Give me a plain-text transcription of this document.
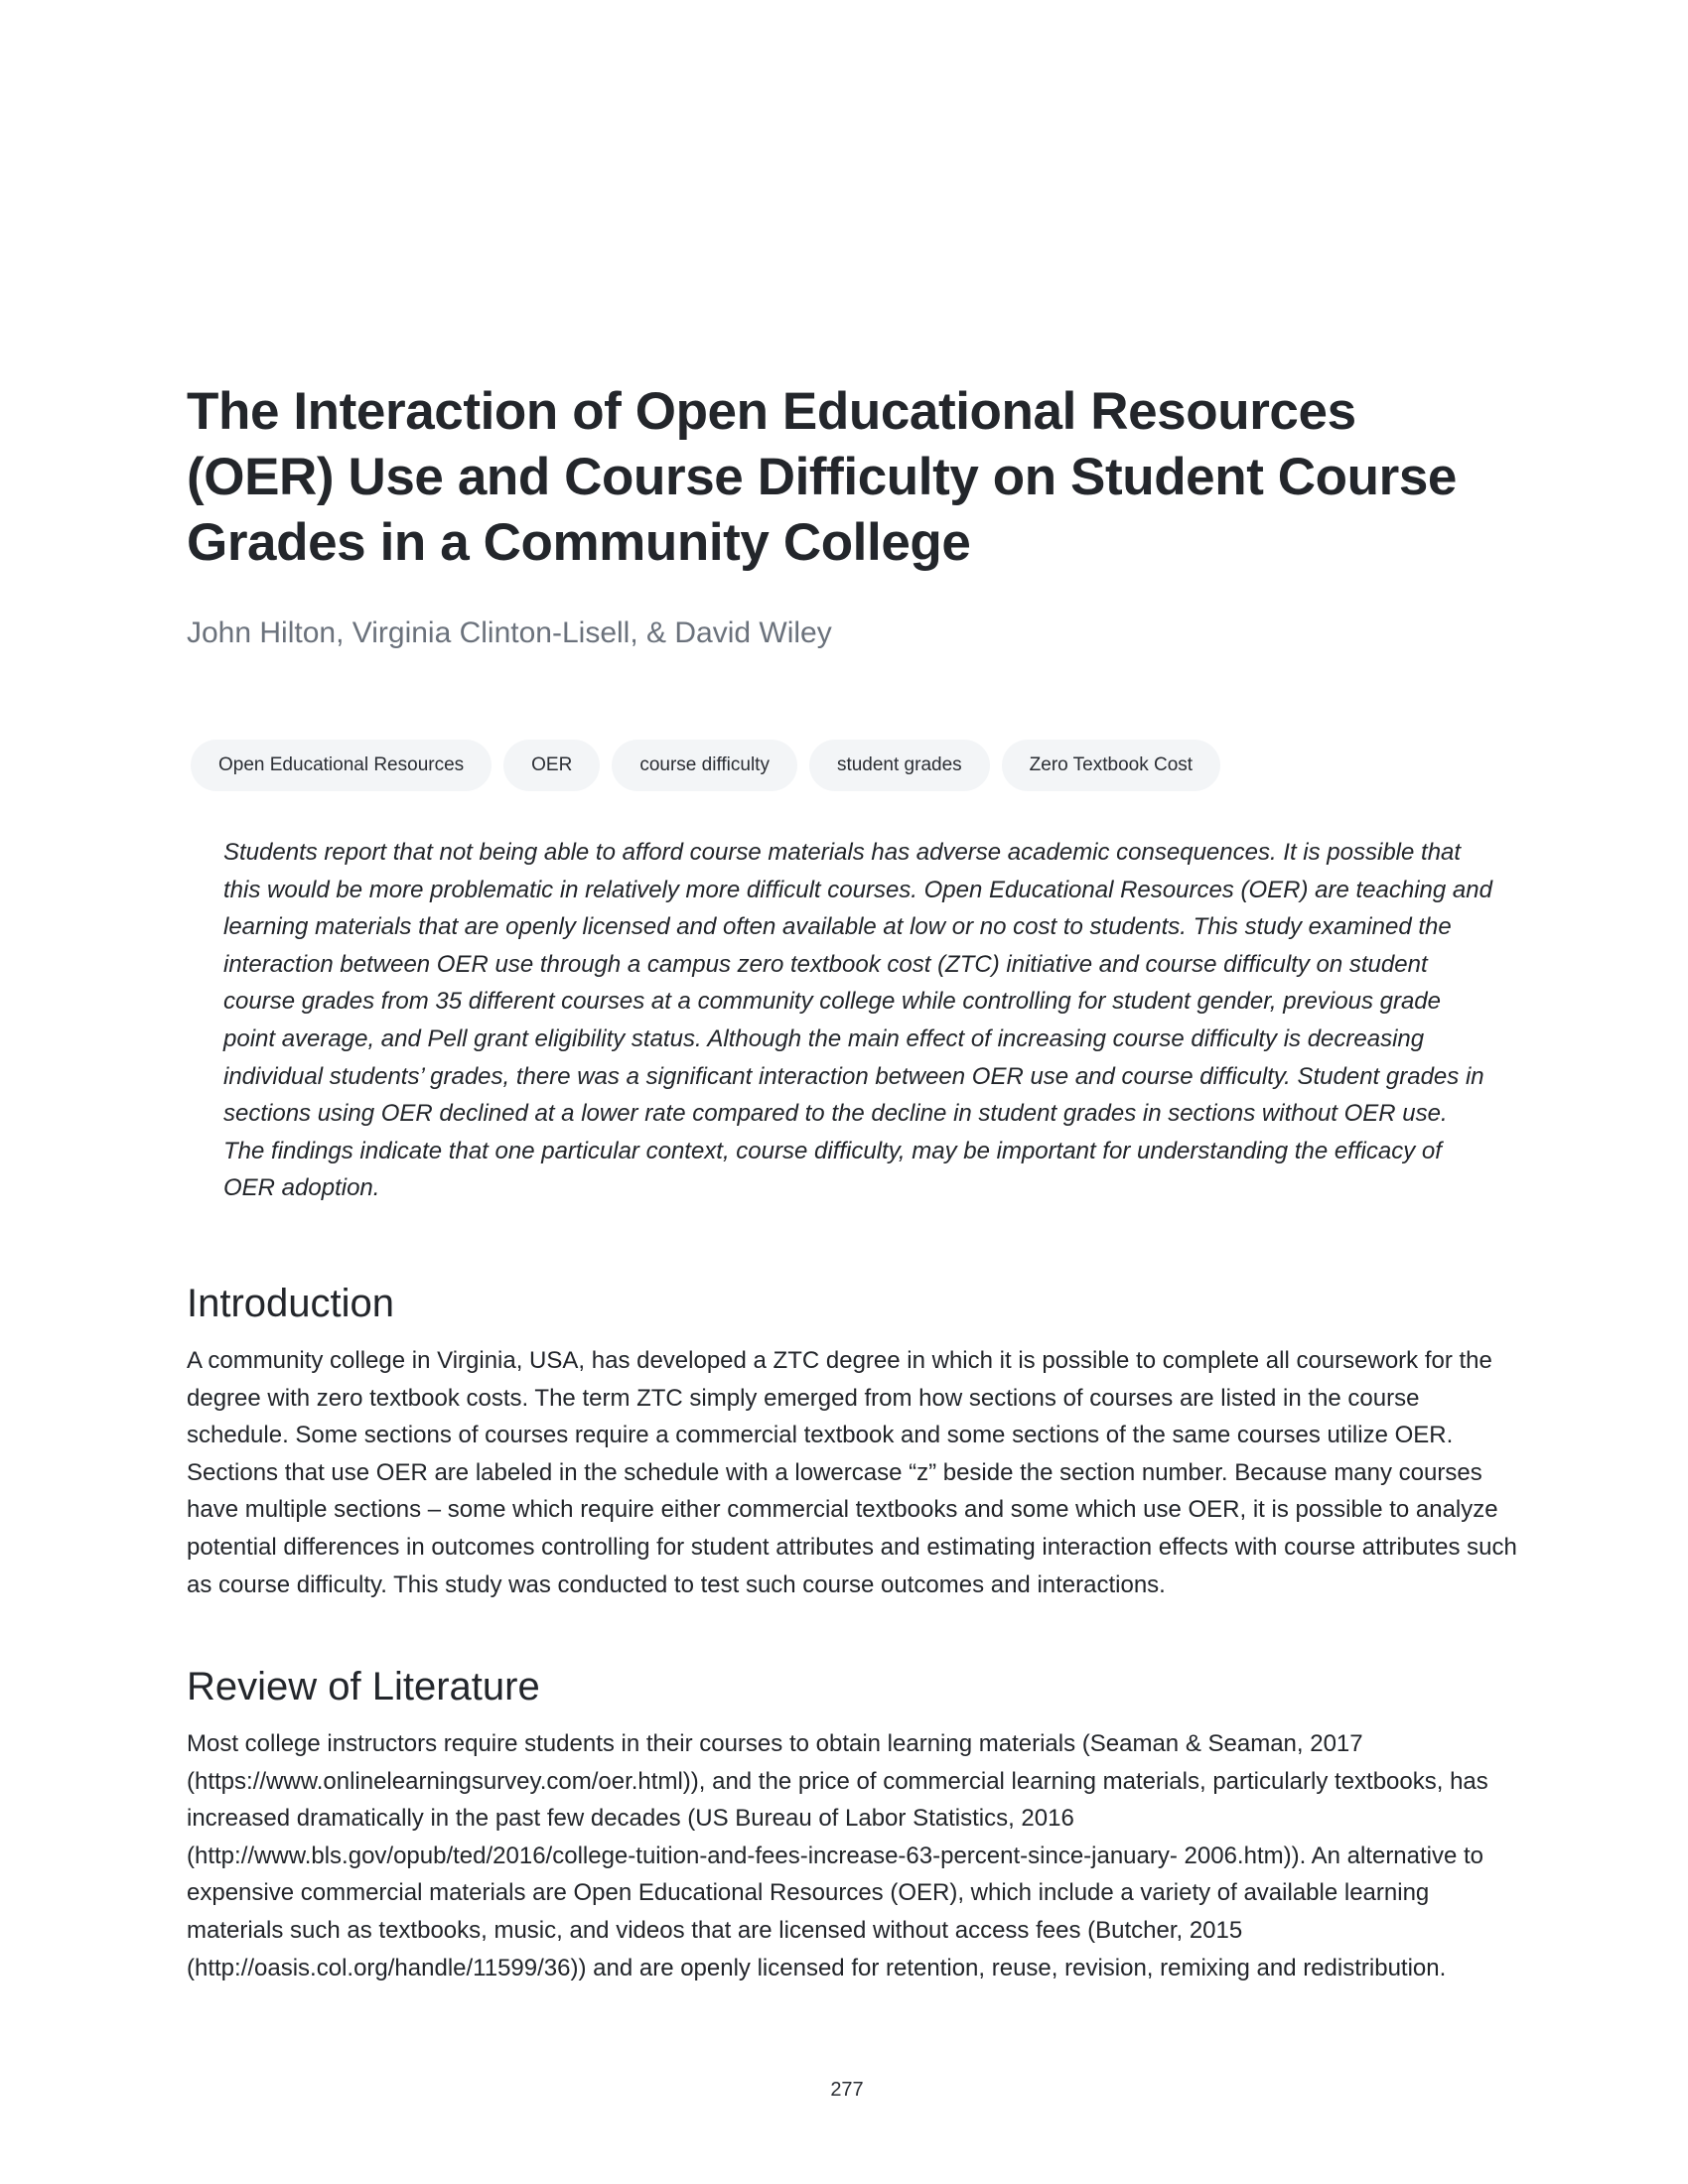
The Interaction of Open Educational Resources (OER) Use and Course Difficulty on Student Course Grades in a Community College

John Hilton, Virginia Clinton-Lisell, & David Wiley

Open Educational Resources	OER	course difficulty	student grades	Zero Textbook Cost

Students report that not being able to afford course materials has adverse academic consequences. It is possible that this would be more problematic in relatively more difficult courses. Open Educational Resources (OER) are teaching and learning materials that are openly licensed and often available at low or no cost to students. This study examined the interaction between OER use through a campus zero textbook cost (ZTC) initiative and course difficulty on student course grades from 35 different courses at a community college while controlling for student gender, previous grade point average, and Pell grant eligibility status. Although the main effect of increasing course difficulty is decreasing individual students’ grades, there was a significant interaction between OER use and course difficulty. Student grades in sections using OER declined at a lower rate compared to the decline in student grades in sections without OER use. The findings indicate that one particular context, course difficulty, may be important for understanding the efficacy of OER adoption.

Introduction

A community college in Virginia, USA, has developed a ZTC degree in which it is possible to complete all coursework for the degree with zero textbook costs. The term ZTC simply emerged from how sections of courses are listed in the course schedule. Some sections of courses require a commercial textbook and some sections of the same courses utilize OER. Sections that use OER are labeled in the schedule with a lowercase “z” beside the section number. Because many courses have multiple sections – some which require either commercial textbooks and some which use OER, it is possible to analyze potential differences in outcomes controlling for student attributes and estimating interaction effects with course attributes such as course difficulty. This study was conducted to test such course outcomes and interactions.

Review of Literature

Most college instructors require students in their courses to obtain learning materials (Seaman & Seaman, 2017 (https://www.onlinelearningsurvey.com/oer.html)), and the price of commercial learning materials, particularly textbooks, has increased dramatically in the past few decades (US Bureau of Labor Statistics, 2016 (http://www.bls.gov/opub/ted/2016/college-tuition-and-fees-increase-63-percent-since-january- 2006.htm)). An alternative to expensive commercial materials are Open Educational Resources (OER), which include a variety of available learning materials such as textbooks, music, and videos that are licensed without access fees (Butcher, 2015 (http://oasis.col.org/handle/11599/36)) and are openly licensed for retention, reuse, revision, remixing and redistribution.

277
